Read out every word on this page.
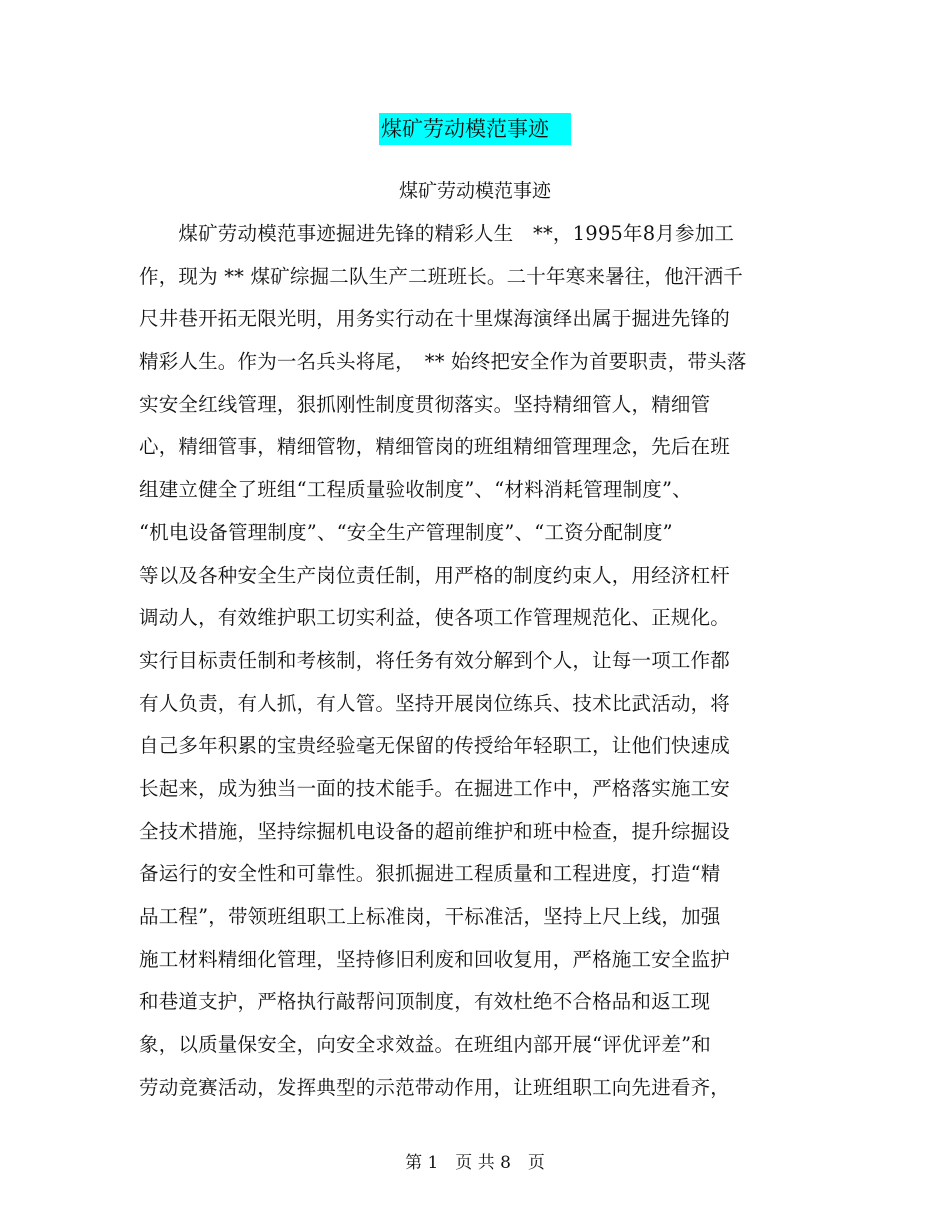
煤矿劳动模范事迹
煤矿劳动模范事迹
　　煤矿劳动模范事迹掘进先锋的精彩人生　**，1995年8月参加工
作，现为 ** 煤矿综掘二队生产二班班长。二十年寒来暑往，他汗洒千
尺井巷开拓无限光明，用务实行动在十里煤海演绎出属于掘进先锋的
精彩人生。作为一名兵头将尾，　** 始终把安全作为首要职责，带头落
实安全红线管理，狠抓刚性制度贯彻落实。坚持精细管人，精细管
心，精细管事，精细管物，精细管岗的班组精细管理理念，先后在班
组建立健全了班组“工程质量验收制度”、“材料消耗管理制度”、
“机电设备管理制度”、“安全生产管理制度”、“工资分配制度”
等以及各种安全生产岗位责任制，用严格的制度约束人，用经济杠杆
调动人，有效维护职工切实利益，使各项工作管理规范化、正规化。
实行目标责任制和考核制，将任务有效分解到个人，让每一项工作都
有人负责，有人抓，有人管。坚持开展岗位练兵、技术比武活动，将
自己多年积累的宝贵经验毫无保留的传授给年轻职工，让他们快速成
长起来，成为独当一面的技术能手。在掘进工作中，严格落实施工安
全技术措施，坚持综掘机电设备的超前维护和班中检查，提升综掘设
备运行的安全性和可靠性。狠抓掘进工程质量和工程进度，打造“精
品工程”，带领班组职工上标准岗，干标准活，坚持上尺上线，加强
施工材料精细化管理，坚持修旧利废和回收复用，严格施工安全监护
和巷道支护，严格执行敲帮问顶制度，有效杜绝不合格品和返工现
象，以质量保安全，向安全求效益。在班组内部开展“评优评差”和
劳动竞赛活动，发挥典型的示范带动作用，让班组职工向先进看齐，
第 1　页 共 8　页
